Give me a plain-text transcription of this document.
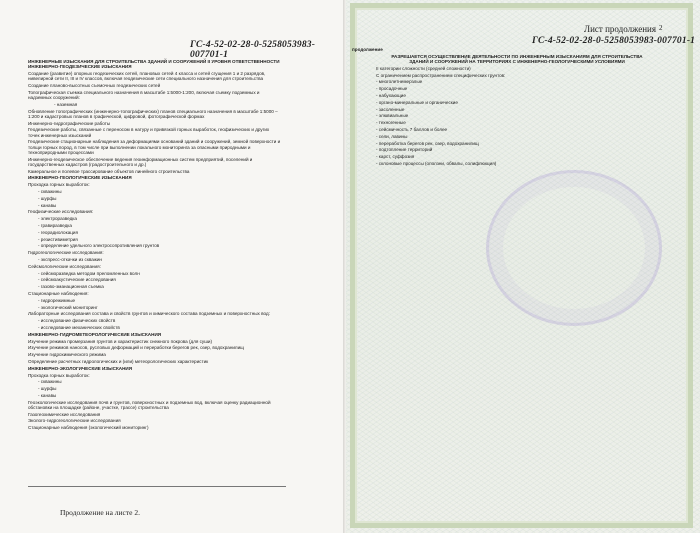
ГС-4-52-02-28-0-5258053983-007701-1
ИНЖЕНЕРНЫЕ ИЗЫСКАНИЯ ДЛЯ СТРОИТЕЛЬСТВА ЗДАНИЙ И СООРУЖЕНИЙ II УРОВНЯ ОТВЕТСТВЕННОСТИ
ИНЖЕНЕРНО-ГЕОДЕЗИЧЕСКИЕ ИЗЫСКАНИЯ
Создание (развитие) опорных геодезических сетей, плановых сетей 4 класса и сетей сгущения 1 и 2 разрядов,
нивелирной сети II, III и IV классов, включая геодезические сети специального назначения для строительства
Создание планово-высотных съемочных геодезических сетей
Топографическая съемка специального назначения в масштабе 1:5000-1:200, включая съемку подземных и
надземных сооружений:
- наземная
Обновление топографических (инженерно-топографических) планов специального назначения в масштабе 1:5000 –
1:200 и кадастровых планов в графической, цифровой, фотографической формах
Инженерно-гидрографические работы
Геодезические работы, связанные с переносом в натуру и привязкой горных выработок, геофизических и других
точек инженерных изысканий
Геодезические стационарные наблюдения за деформациями оснований зданий и сооружений, земной поверхности и
толщи горных пород, в том числе при выполнении локального мониторинга за опасными природными и
техноприродными процессами
Инженерно-геодезическое обеспечение ведения геоинформационных систем предприятий, поселений и
государственных кадастров (градостроительного и др.)
Камеральное и полевое трассирование объектов линейного строительства
ИНЖЕНЕРНО-ГЕОЛОГИЧЕСКИЕ ИЗЫСКАНИЯ
Проходка горных выработок:
- скважины
- шурфы
- канавы
Геофизические исследования:
- электроразведка
- гравиразведка
- георадиолокация
- резистивиметрия
- определение удельного электросопротивления грунтов
Гидрогеологические исследования:
- экспресс-откачки из скважин
Сейсмологические исследования:
- сейсморазведка методом преломленных волн
- сейсмоакустические исследования
- газово-эманационная съемка
Стационарные наблюдения:
- гидрорежимные
- экологический мониторинг
Лабораторные исследования состава и свойств грунтов и химического состава подземных и поверхностных вод:
- исследование физических свойств
- исследование механических свойств
ИНЖЕНЕРНО-ГИДРОМЕТЕОРОЛОГИЧЕСКИЕ ИЗЫСКАНИЯ
Изучение режима промерзания грунтов и характеристик снежного покрова (для суши)
Изучение режимов наносов, русловых деформаций и переработки берегов рек, озер, водохранилищ
Изучение гидрохимического режима
Определение расчетных гидрологических и (или) метеорологических характеристик
ИНЖЕНЕРНО-ЭКОЛОГИЧЕСКИЕ ИЗЫСКАНИЯ
Проходка горных выработок:
- скважины
- шурфы
- канавы
Геоэкологические исследования почв и грунтов, поверхностных и подземных вод, включая оценку радиационной
обстановки на площадке (районе, участке, трассе) строительства
Газогеохимические исследования
Эколого-гидрогеологические исследования
Стационарные наблюдения (экологический мониторинг)
Продолжение на листе 2.
Лист продолжения $^2$
ГС-4-52-02-28-0-5258053983-007701-1
продолжение
РАЗРЕШАЕТСЯ ОСУЩЕСТВЛЕНИЕ ДЕЯТЕЛЬНОСТИ ПО ИНЖЕНЕРНЫМ ИЗЫСКАНИЯМ ДЛЯ СТРОИТЕЛЬСТВА
ЗДАНИЙ И СООРУЖЕНИЙ НА ТЕРРИТОРИЯХ С ИНЖЕНЕРНО-ГЕОЛОГИЧЕСКИМИ УСЛОВИЯМИ
II категории сложности (средней сложности)
С ограничением распространением специфических грунтов:
- многолетнемерзлые
- просадочные
- набухающие
- органо-минеральные и органические
- засоленные
- элювиальные
- техногенные
- сейсмичность 7 баллов и более
- сели, лавины
- переработка берегов рек, озер, водохранилищ
- подтопление территорий
- карст, суффозия
- склоновые процессы (оползни, обвалы, солифлюкция)
